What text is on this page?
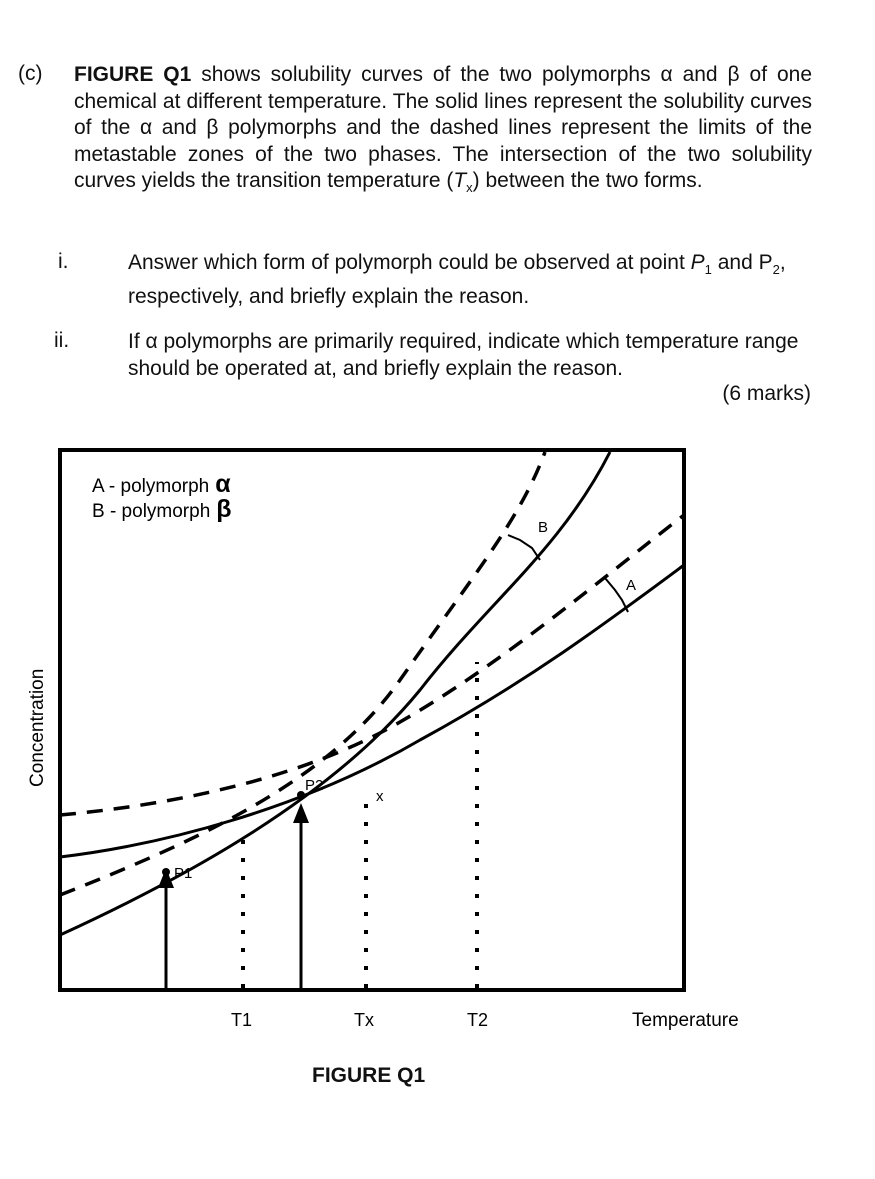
(c) FIGURE Q1 shows solubility curves of the two polymorphs α and β of one chemical at different temperature. The solid lines represent the solubility curves of the α and β polymorphs and the dashed lines represent the limits of the metastable zones of the two phases. The intersection of the two solubility curves yields the transition temperature $(T_x)$ between the two forms.
i.	Answer which form of polymorph could be observed at point $P_1$ and $P_2$, respectively, and briefly explain the reason.
ii.	If α polymorphs are primarily required, indicate which temperature range should be operated at, and briefly explain the reason.
(6 marks)
P1
P2
x
A
B
A - polymorph α
B - polymorph β
T1	Tx	T2	Temperature
Concentration
FIGURE Q1
